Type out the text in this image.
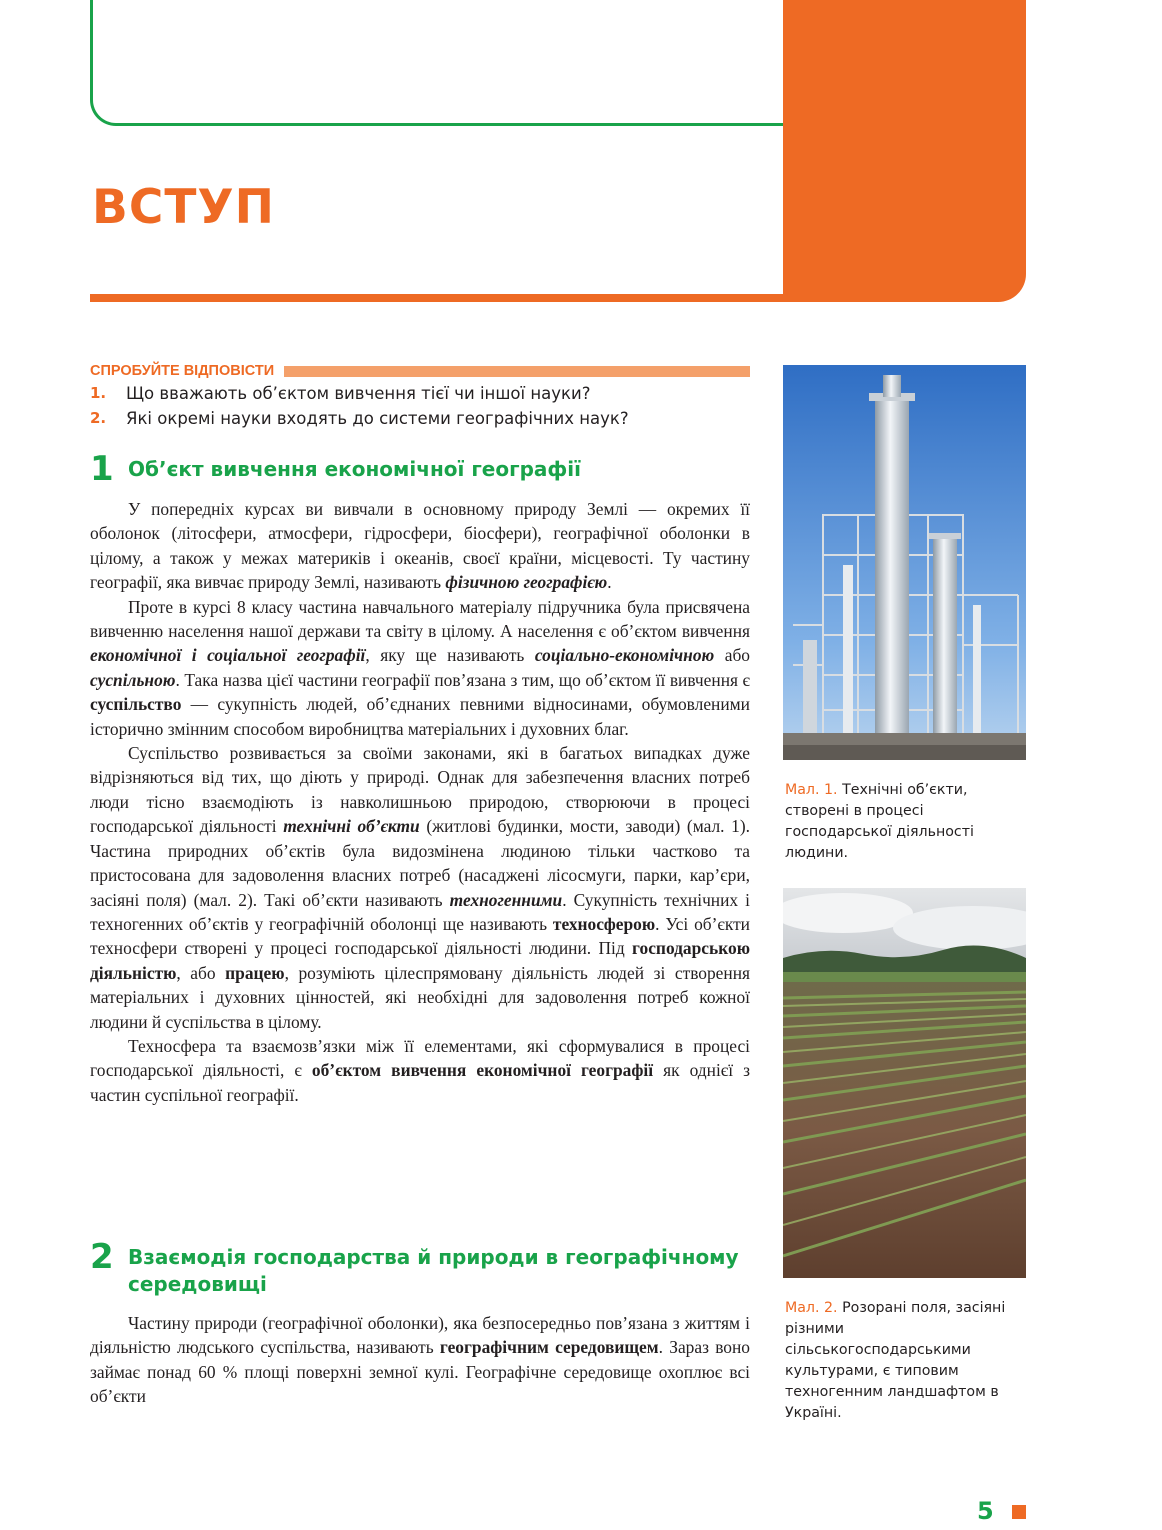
ВСТУП
СПРОБУЙТЕ ВІДПОВІСТИ
1. Що вважають об’єктом вивчення тієї чи іншої науки?
2. Які окремі науки входять до системи географічних наук?
1 Об’єкт вивчення економічної географії

У попередніх курсах ви вивчали в основному природу Землі — окремих її оболонок (літосфери, атмосфери, гідросфери, біосфери), географічної оболонки в цілому, а також у межах материків і океанів, своєї країни, місцевості. Ту частину географії, яка вивчає природу Землі, називають фізичною географією.

Проте в курсі 8 класу частина навчального матеріалу підручника була присвячена вивченню населення нашої держави та світу в цілому. А населення є об’єктом вивчення економічної і соціальної географії, яку ще називають соціально-економічною або суспільною. Така назва цієї частини географії пов’язана з тим, що об’єктом її вивчення є суспільство — сукупність людей, об’єднаних певними відносинами, обумовленими історично змінним способом виробництва матеріальних і духовних благ.

Суспільство розвивається за своїми законами, які в багатьох випадках дуже відрізняються від тих, що діють у природі. Однак для забезпечення власних потреб люди тісно взаємодіють із навколишньою природою, створюючи в процесі господарської діяльності технічні об’єкти (житлові будинки, мости, заводи) (мал. 1). Частина природних об’єктів була видозмінена людиною тільки частково та пристосована для задоволення власних потреб (насаджені лісосмуги, парки, кар’єри, засіяні поля) (мал. 2). Такі об’єкти називають техногенними. Сукупність технічних і техногенних об’єктів у географічній оболонці ще називають техносферою. Усі об’єкти техносфери створені у процесі господарської діяльності людини. Під господарською діяльністю, або працею, розуміють цілеспрямовану діяльність людей зі створення матеріальних і духовних цінностей, які необхідні для задоволення потреб кожної людини й суспільства в цілому.

Техносфера та взаємозв’язки між її елементами, які сформувалися в процесі господарської діяльності, є об’єктом вивчення економічної географії як однієї з частин суспільної географії.

2 Взаємодія господарства й природи в географічному середовищі

Частину природи (географічної оболонки), яка безпосередньо пов’язана з життям і діяльністю людського суспільства, називають географічним середовищем. Зараз воно займає понад 60 % площі поверхні земної кулі. Географічне середовище охоплює всі об’єкти

Мал. 1. Технічні об’єкти, створені в процесі господарської діяльності людини.
Мал. 2. Розорані поля, засіяні різними сільськогосподарськими культурами, є типовим техногенним ландшафтом в Україні.
5
